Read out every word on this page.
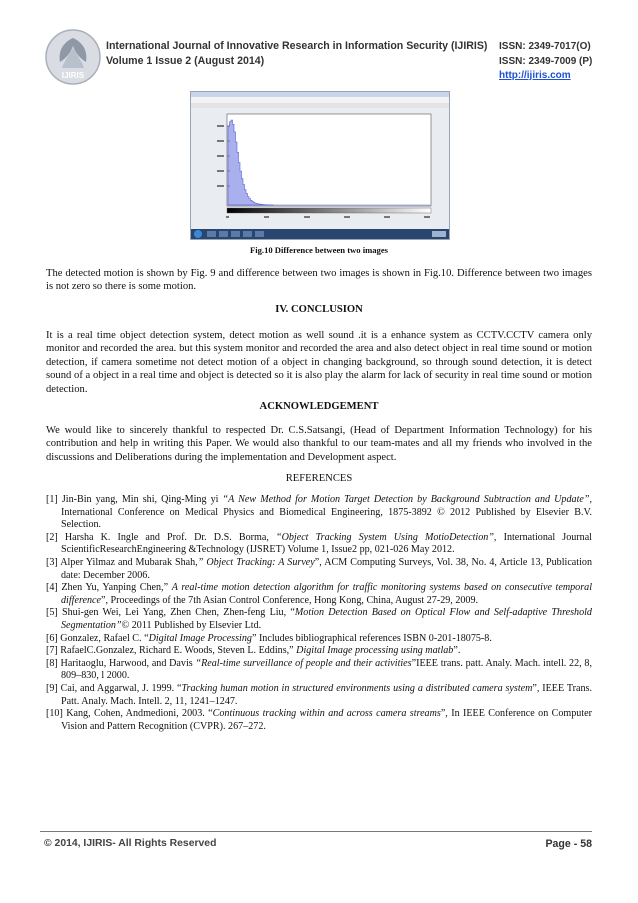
IJIRIS
International Journal of Innovative Research in Information Security (IJIRIS)
Volume 1 Issue 2 (August 2014)
ISSN: 2349-7017(O)
ISSN: 2349-7009 (P)
http://ijiris.com
Fig.10 Difference between two images

The detected motion is shown by Fig. 9 and difference between two images is shown in Fig.10. Difference between two images is not zero so there is some motion.

IV. CONCLUSION

It is a real time object detection system, detect motion as well sound .it is a enhance system as CCTV.CCTV camera only monitor and recorded the area. but this system monitor and recorded the area and also detect object in real time sound or motion detection, if camera sometime not detect motion of a object in changing background, so through sound detection, it is detect sound of a object in a real time and object is detected so it is also play the alarm for lack of security in real time sound or motion detection.

ACKNOWLEDGEMENT

We would like to sincerely thankful to respected Dr. C.S.Satsangi, (Head of Department Information Technology) for his contribution and help in writing this Paper. We would also thankful to our team-mates and all my friends who involved in the discussions and Deliberations during the implementation and Development aspect.

REFERENCES

[1] Jin-Bin yang, Min shi, Qing-Ming yi “A New Method for Motion Target Detection by Background Subtraction and Update”, International Conference on Medical Physics and Biomedical Engineering, 1875-3892 © 2012 Published by Elsevier B.V. Selection.
[2] Harsha K. Ingle and Prof. Dr. D.S. Borma, “Object Tracking System Using MotioDetection”, International Journal ScientificResearchEngineering &Technology (IJSRET) Volume 1, Issue2 pp, 021-026 May 2012.
[3] Alper Yilmaz and Mubarak Shah,” Object Tracking: A Survey”, ACM Computing Surveys, Vol. 38, No. 4, Article 13, Publication date: December 2006.
[4] Zhen Yu, Yanping Chen,” A real-time motion detection algorithm for traffic monitoring systems based on consecutive temporal difference”, Proceedings of the 7th Asian Control Conference, Hong Kong, China, August 27-29, 2009.
[5] Shui-gen Wei, Lei Yang, Zhen Chen, Zhen-feng Liu, “Motion Detection Based on Optical Flow and Self-adaptive Threshold Segmentation”© 2011 Published by Elsevier Ltd.
[6] Gonzalez, Rafael C. “Digital Image Processing” Includes bibliographical references ISBN 0-201-18075-8.
[7] RafaelC.Gonzalez, Richard E. Woods, Steven L. Eddins,” Digital Image processing using matlab”.
[8] Haritaoglu, Harwood, and Davis “Real-time surveillance of people and their activities”IEEE trans. patt. Analy. Mach. intell. 22, 8, 809–830, l 2000.
[9] Cai, and Aggarwal, J. 1999. “Tracking human motion in structured environments using a distributed camera system”, IEEE Trans. Patt. Analy. Mach. Intell. 2, 11, 1241–1247.
[10] Kang, Cohen, Andmedioni, 2003. “Continuous tracking within and across camera streams”, In IEEE Conference on Computer Vision and Pattern Recognition (CVPR). 267–272.
© 2014, IJIRIS- All Rights Reserved	Page - 58
